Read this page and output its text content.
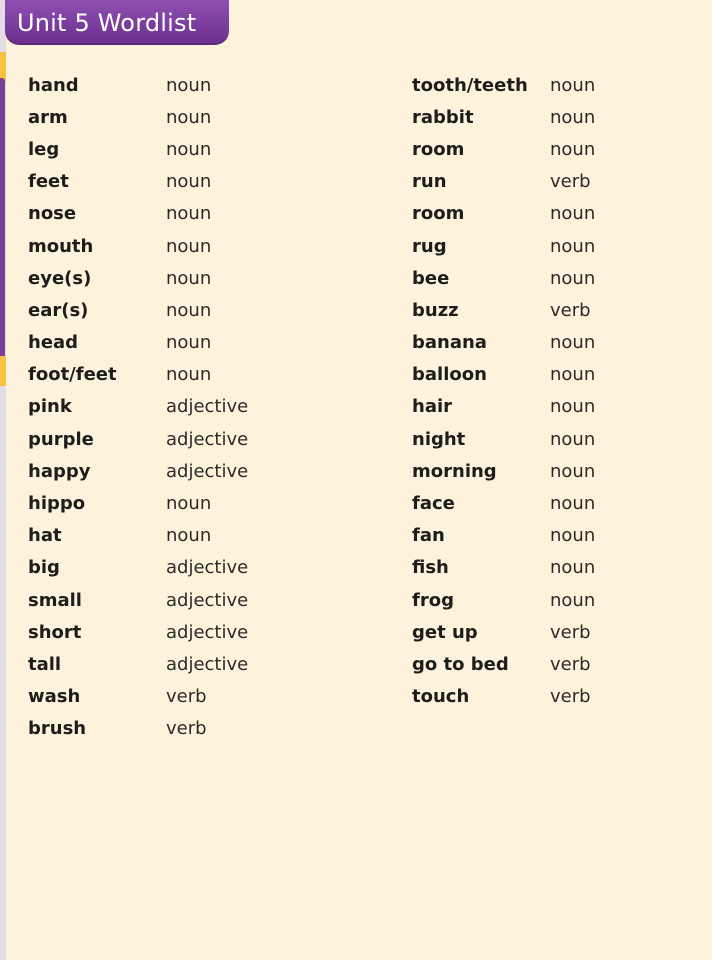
Unit 5 Wordlist
hand	noun
arm	noun
leg	noun
feet	noun
nose	noun
mouth	noun
eye(s)	noun
ear(s)	noun
head	noun
foot/feet	noun
pink	adjective
purple	adjective
happy	adjective
hippo	noun
hat	noun
big	adjective
small	adjective
short	adjective
tall	adjective
wash	verb
brush	verb
tooth/teeth	noun
rabbit	noun
room	noun
run	verb
room	noun
rug	noun
bee	noun
buzz	verb
banana	noun
balloon	noun
hair	noun
night	noun
morning	noun
face	noun
fan	noun
fish	noun
frog	noun
get up	verb
go to bed	verb
touch	verb
